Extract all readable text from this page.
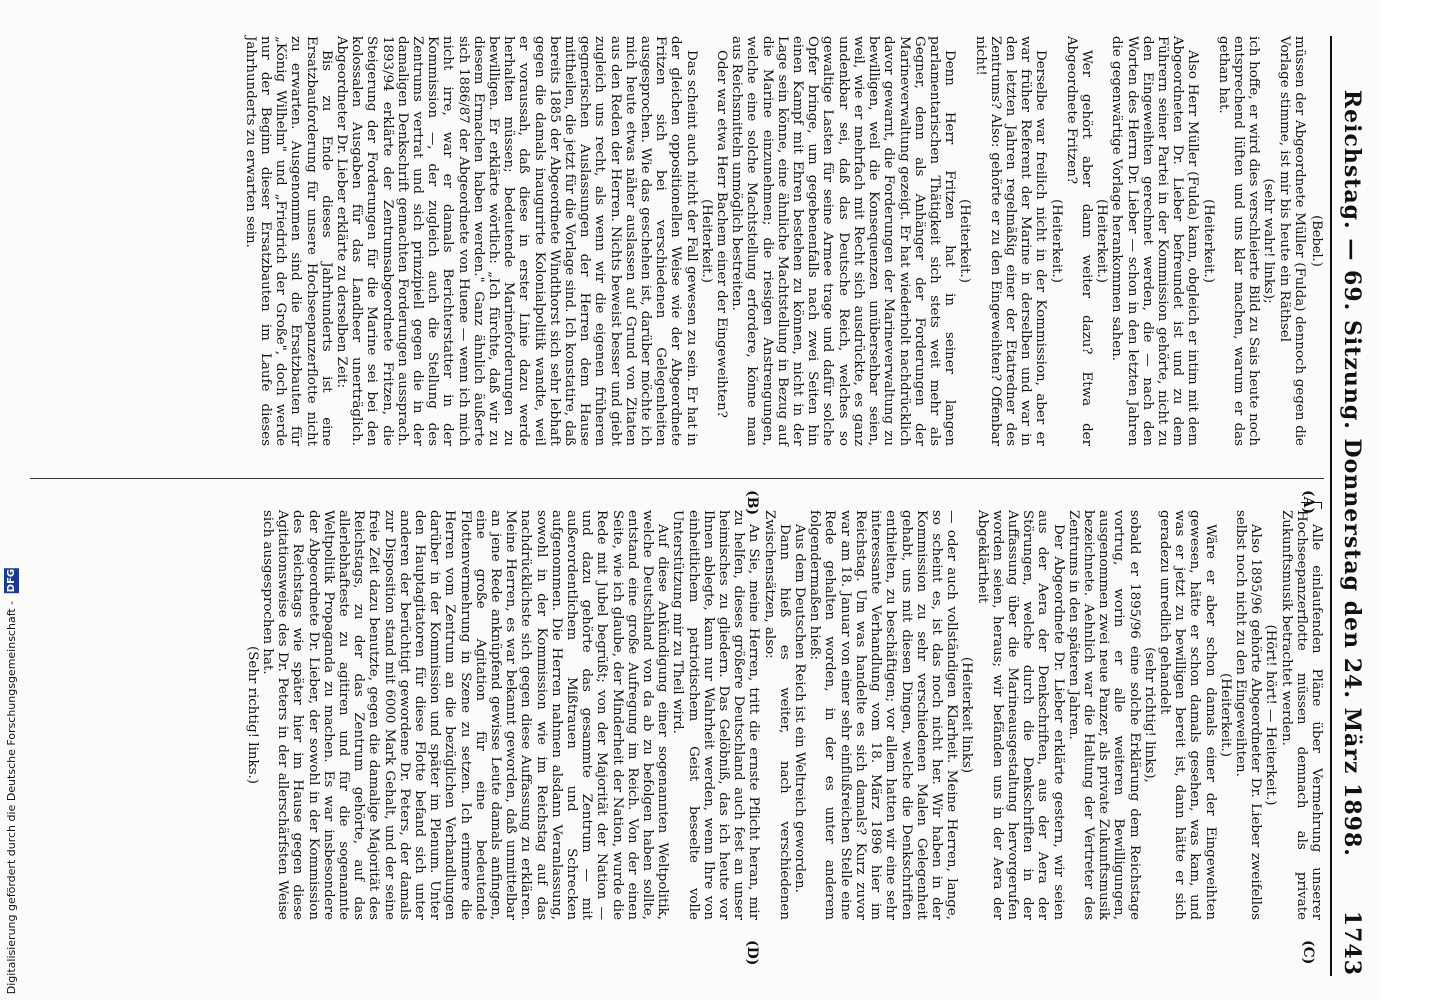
Reichstag. — 69. Sitzung. Donnerstag den 24. März 1898.
1743

(Bebel.)

müssen der Abgeordnete Müller (Fulda) dennoch gegen die Vorlage stimme, ist mir bis heute ein Räthsel

(sehr wahr! links);

ich hoffe, er wird dies verschleierte Bild zu Sais heute noch entsprechend lüften und uns klar machen, warum er das gethan hat.

(Heiterkeit.)

Also Herr Müller (Fulda) kann, obgleich er intim mit dem Abgeordneten Dr. Lieber befreundet ist und zu dem Führern seiner Partei in der Kommission gehörte, nicht zu den Eingeweihten gerechnet werden, die — nach den Worten des Herrn Dr. Lieber — schon in den letzten Jahren die gegenwärtige Vorlage herankommen sahen.

(Heiterkeit.)

Wer gehört aber dann weiter dazu? Etwa der Abgeordnete Fritzen?

(Heiterkeit.)

Derselbe war freilich nicht in der Kommission, aber er war früher Referent der Marine in derselben und war in den letzten Jahren regelmäßig einer der Etatredner des Zentrums? Also: gehörte er zu den Eingeweihten? Offenbar nicht!

(Heiterkeit.)

Denn Herr Fritzen hat in seiner langen parlamentarischen Thätigkeit sich stets weit mehr als Gegner, denn als Anhänger der Forderungen der Marineverwaltung gezeigt. Er hat wiederholt nachdrücklich davor gewarnt, die Forderungen der Marineverwaltung zu bewilligen, weil die Konsequenzen unübersehbar seien, weil, wie er mehrfach mit Recht sich ausdrückte, es ganz undenkbar sei, daß das Deutsche Reich, welches so gewaltige Lasten für seine Armee trage und dafür solche Opfer bringe, um gegebenenfalls nach zwei Seiten hin einen Kampf mit Ehren bestehen zu können, nicht in der Lage sein könne, eine ähnliche Machtstellung in Bezug auf die Marine einzunehmen; die riesigen Anstrengungen, welche eine solche Machtstellung erfordere, könne man aus Reichsmitteln unmöglich bestreiten.

Oder war etwa Herr Bachem einer der Eingeweihten?

(Heiterkeit.)

Das scheint auch nicht der Fall gewesen zu sein. Er hat in der gleichen oppositionellen Weise wie der Abgeordnete Fritzen sich bei verschiedenen Gelegenheiten ausgesprochen. Wie das geschehen ist, darüber möchte ich mich heute etwas näher auslassen auf Grund von Zitaten aus den Reden der Herren. Nichts beweist besser und giebt zugleich uns recht, als wenn wir die eigenen früheren gegnerischen Auslassungen der Herren dem Hause mittheilen, die jetzt für die Vorlage sind. Ich konstatire, daß bereits 1885 der Abgeordnete Windthorst sich sehr lebhaft gegen die damals inaugurirte Kolonialpolitik wandte, weil er voraussah, daß diese in erster Linie dazu werde herhalten müssen; bedeutende Marineforderungen zu bewilligen. Er erklärte wörtlich: „Ich fürchte, daß wir zu diesem Ermachen haben werden." Ganz ähnlich äußerte sich 1886/87 der Abgeordnete von Huene — wenn ich mich nicht irre, war er damals Berichterstatter in der Kommission —, der zugleich auch die Stellung des Zentrums vertrat und sich prinzipiell gegen die in der damaligen Denkschrift gemachten Forderungen aussprach. 1893/94 erklärte der Zentrumsabgeordnete Fritzen, die Steigerung der Forderungen für die Marine sei bei den kolossalen Ausgaben für das Landheer unerträglich. Abgeordneter Dr. Lieber erklärte zu derselben Zeit:

Bis zu Ende dieses Jahrhunderts ist eine Ersatzbauforderung für unsere Hochseepanzerflotte nicht zu erwarten. Ausgenommen sind die Ersatzbauten für „König Wilhelm" und „Friedrich der Große", doch werde nur der Beginn dieser Ersatzbauten im Laufe dieses Jahrhunderts zu erwarten sein.

(A)
(B)

Alle einlaufenden Pläne über Vermehrung unserer Hochseepanzerflotte müssen demnach als private Zukunftsmusik betrachtet werden.

(Hört! hört! — Heiterkeit.)

Also 1895/96 gehörte Abgeordneter Dr. Lieber zweifellos selbst noch nicht zu den Eingeweihten.

(Heiterkeit.)

Wäre er aber schon damals einer der Eingeweihten gewesen, hätte er schon damals gesehen, was kam, und was er jetzt zu bewilligen bereit ist, dann hätte er sich geradezu unredlich gehandelt

(sehr richtig! links),

sobald er 1895/96 eine solche Erklärung dem Reichstage vortrug, worin er alle weiteren Bewilligungen, ausgenommen zwei neue Panzer, als private Zukunftsmusik bezeichnete. Aehnlich war die Haltung der Vertreter des Zentrums in den späteren Jahren.

Der Abgeordnete Dr. Lieber erklärte gestern, wir seien aus der Aera der Denkschriften, aus der Aera der Störungen, welche durch die Denkschriften in der Auffassung über die Marineausgestaltung hervorgerufen worden seien, heraus; wir befänden uns in der Aera der Abgeklärtheit

(Heiterkeit links)

— oder auch vollständigen Klarheit. Meine Herren, lange, so scheint es, ist das noch nicht her. Wir haben in der Kommission zu sehr verschiedenen Malen Gelegenheit gehabt, uns mit diesen Dingen, welche die Denkschriften enthielten, zu beschäftigen; vor allem hatten wir eine sehr interessante Verhandlung vom 18. März 1896 hier im Reichstag. Um was handelte es sich damals? Kurz zuvor war am 18. Januar von einer sehr einflußreichen Stelle eine Rede gehalten worden, in der es unter anderem folgendermaßen hieß:

Aus dem Deutschen Reich ist ein Weltreich geworden.

Dann hieß es weiter, nach verschiedenen Zwischensätzen, also:

An Sie, meine Herren, tritt die ernste Pflicht heran, mir zu helfen, dieses größere Deutschland auch fest an unser heimisches zu gliedern. Das Gelöbniß, das ich heute vor Ihnen ablegte, kann nur Wahrheit werden, wenn Ihre von einheitlichem patriotischem Geist beseelte volle Unterstützung mir zu Theil wird.

Auf diese Ankündigung einer sogenannten Weltpolitik, welche Deutschland von da ab zu befolgen haben sollte, entstand eine große Aufregung im Reich. Von der einen Seite, wie ich glaube, der Minderheit der Nation, wurde die Rede mit Jubel begrüßt; von der Majorität der Nation — und dazu gehörte das gesammte Zentrum — mit außerordentlichem Mißtrauen und Schrecken aufgenommen. Die Herren nahmen alsdann Veranlassung, sowohl in der Kommission wie im Reichstag auf das nachdrücklichste sich gegen diese Auffassung zu erklären. Meine Herren, es war bekannt geworden, daß unmittelbar an jene Rede anknüpfend gewisse Leute damals anfingen, eine große Agitation für eine bedeutende Flottenvermehrung in Szene zu setzen. Ich erinnere die Herren vom Zentrum an die bezüglichen Verhandlungen darüber in der Kommission und später im Plenum. Unter den Hauptagitatoren für diese Flotte befand sich unter anderen der berüchtigt gewordene Dr. Peters, der damals zur Disposition stand mit 6000 Mark Gehalt, und der seine freie Zeit dazu benutzte, gegen die damalige Majorität des Reichstags, zu der das Zentrum gehörte, auf das allerlebhafteste zu agitiren und für die sogenannte Weltpolitik Propaganda zu machen. Es war insbesondere der Abgeordnete Dr. Lieber, der sowohl in der Kommission des Reichstags wie später hier im Hause gegen diese Agitationsweise des Dr. Peters in der allerschärfsten Weise sich ausgesprochen hat.

(Sehr richtig! links.)

(C)
(D)
Digitalisierung gefördert durch die Deutsche Forschungsgemeinschaft - DFG
